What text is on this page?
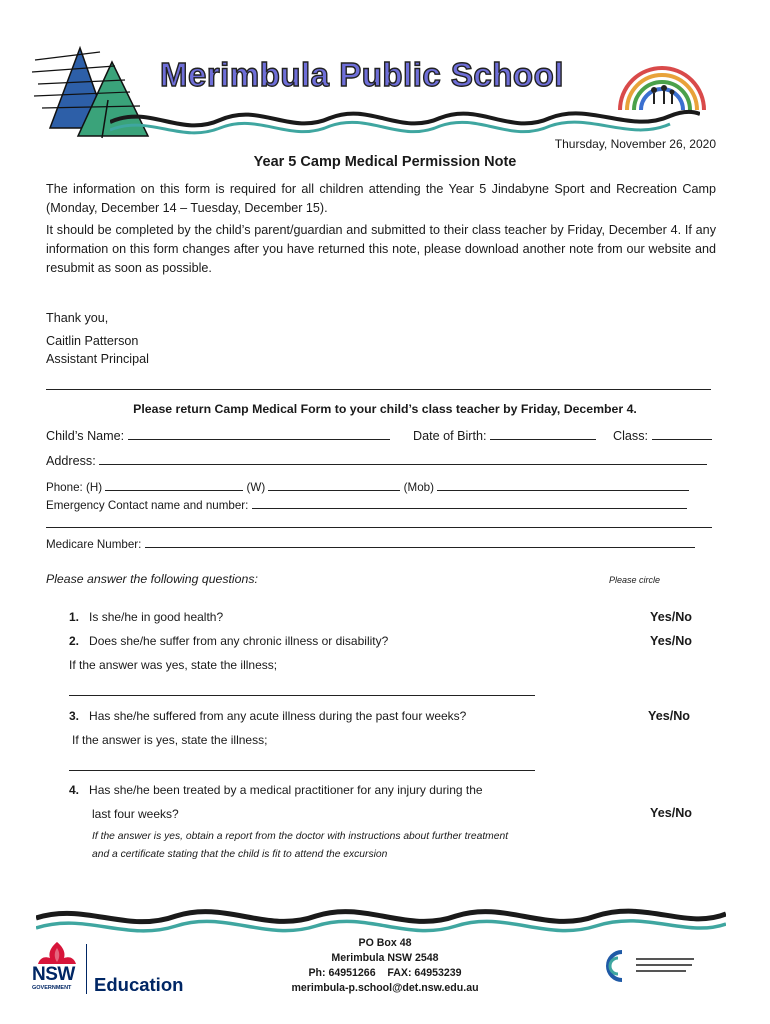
Merimbula Public School
Thursday, November 26, 2020
Year 5 Camp Medical Permission Note
The information on this form is required for all children attending the Year 5 Jindabyne Sport and Recreation Camp (Monday, December 14 – Tuesday, December 15).
It should be completed by the child’s parent/guardian and submitted to their class teacher by Friday, December 4. If any information on this form changes after you have returned this note, please download another note from our website and resubmit as soon as possible.
Thank you,
Caitlin Patterson
Assistant Principal
Please return Camp Medical Form to your child’s class teacher by Friday, December 4.
Child’s Name:	Date of Birth:	Class:
Address:
Phone: (H)	(W)	(Mob)
Emergency Contact name and number:
Medicare Number:
Please answer the following questions:	Please circle
1. Is she/he in good health?	Yes/No
2. Does she/he suffer from any chronic illness or disability?	Yes/No
If the answer was yes, state the illness;
3. Has she/he suffered from any acute illness during the past four weeks?	Yes/No
If the answer is yes, state the illness;
4. Has she/he been treated by a medical practitioner for any injury during the
last four weeks?	Yes/No
If the answer is yes, obtain a report from the doctor with instructions about further treatment
and a certificate stating that the child is fit to attend the excursion
NSW
GOVERNMENT Education
PO Box 48
Merimbula NSW 2548
Ph: 64951266    FAX: 64953239
merimbula-p.school@det.nsw.edu.au
